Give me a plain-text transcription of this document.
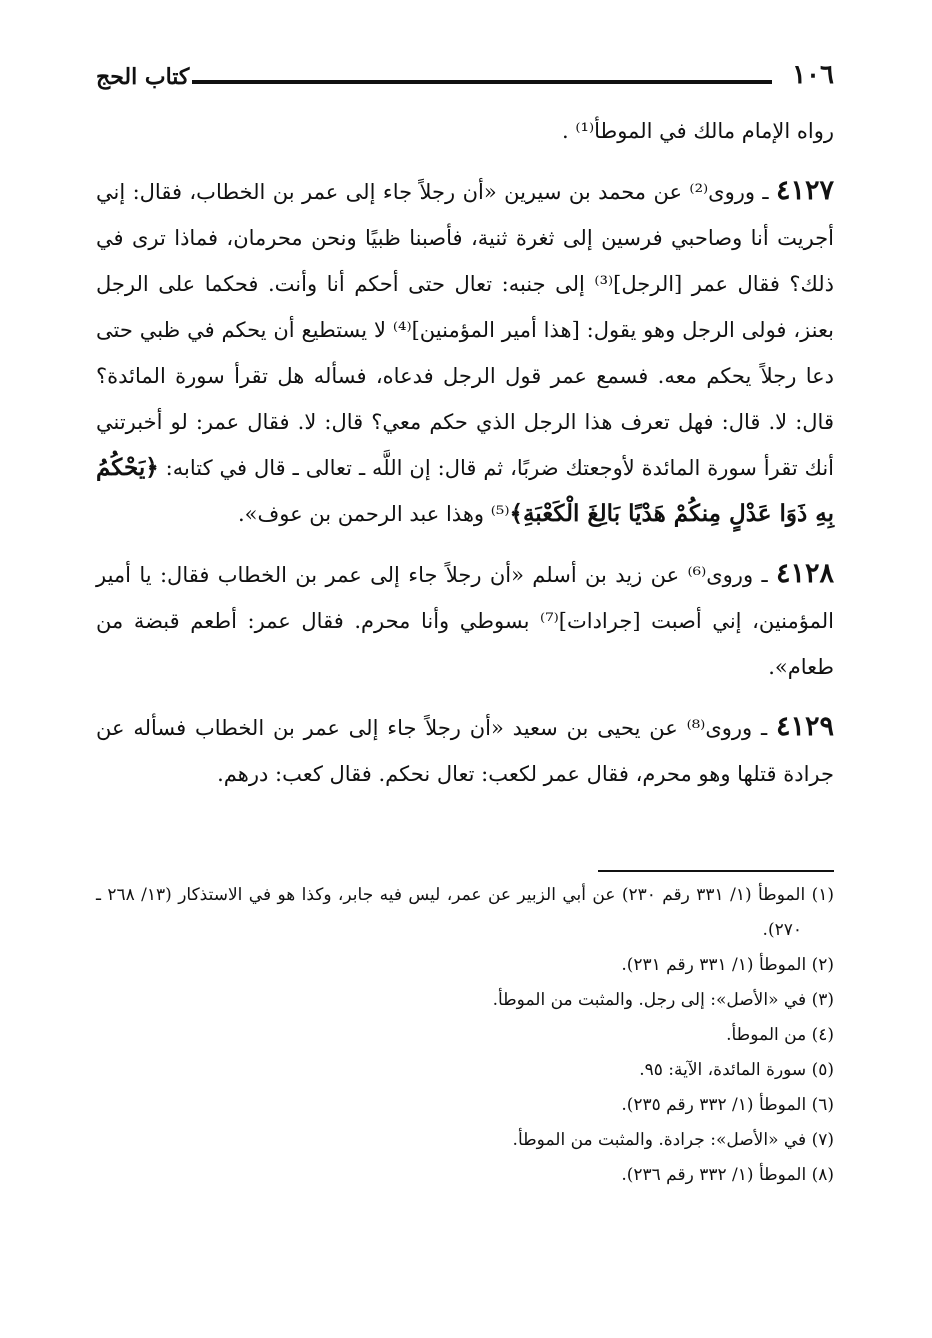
كتاب الحج	١٠٦

رواه الإمام مالك في الموطأ⁽¹⁾ .

٤١٢٧ ـ وروى⁽²⁾ عن محمد بن سيرين «أن رجلاً جاء إلى عمر بن الخطاب، فقال: إني أجريت أنا وصاحبي فرسين إلى ثغرة ثنية، فأصبنا ظبيًا ونحن محرمان، فماذا ترى في ذلك؟ فقال عمر [الرجل]⁽³⁾ إلى جنبه: تعال حتى أحكم أنا وأنت. فحكما على الرجل بعنز، فولى الرجل وهو يقول: [هذا أمير المؤمنين]⁽⁴⁾ لا يستطيع أن يحكم في ظبي حتى دعا رجلاً يحكم معه. فسمع عمر قول الرجل فدعاه، فسأله هل تقرأ سورة المائدة؟ قال: لا. قال: فهل تعرف هذا الرجل الذي حكم معي؟ قال: لا. فقال عمر: لو أخبرتني أنك تقرأ سورة المائدة لأوجعتك ضربًا، ثم قال: إن اللَّه ـ تعالى ـ قال في كتابه: ﴿يَحْكُمُ بِهِ ذَوَا عَدْلٍ مِنكُمْ هَدْيًا بَالِغَ الْكَعْبَةِ﴾⁽⁵⁾ وهذا عبد الرحمن بن عوف».

٤١٢٨ ـ وروى⁽⁶⁾ عن زيد بن أسلم «أن رجلاً جاء إلى عمر بن الخطاب فقال: يا أمير المؤمنين، إني أصبت [جرادات]⁽⁷⁾ بسوطي وأنا محرم. فقال عمر: أطعم قبضة من طعام».

٤١٢٩ ـ وروى⁽⁸⁾ عن يحيى بن سعيد «أن رجلاً جاء إلى عمر بن الخطاب فسأله عن جرادة قتلها وهو محرم، فقال عمر لكعب: تعال نحكم. فقال كعب: درهم.

(١) الموطأ (١/ ٣٣١ رقم ٢٣٠) عن أبي الزبير عن عمر، ليس فيه جابر، وكذا هو في الاستذكار (١٣/ ٢٦٨ ـ ٢٧٠).

(٢) الموطأ (١/ ٣٣١ رقم ٢٣١).

(٣) في «الأصل»: إلى رجل. والمثبت من الموطأ.

(٤) من الموطأ.

(٥) سورة المائدة، الآية: ٩٥.

(٦) الموطأ (١/ ٣٣٢ رقم ٢٣٥).

(٧) في «الأصل»: جرادة. والمثبت من الموطأ.

(٨) الموطأ (١/ ٣٣٢ رقم ٢٣٦).
